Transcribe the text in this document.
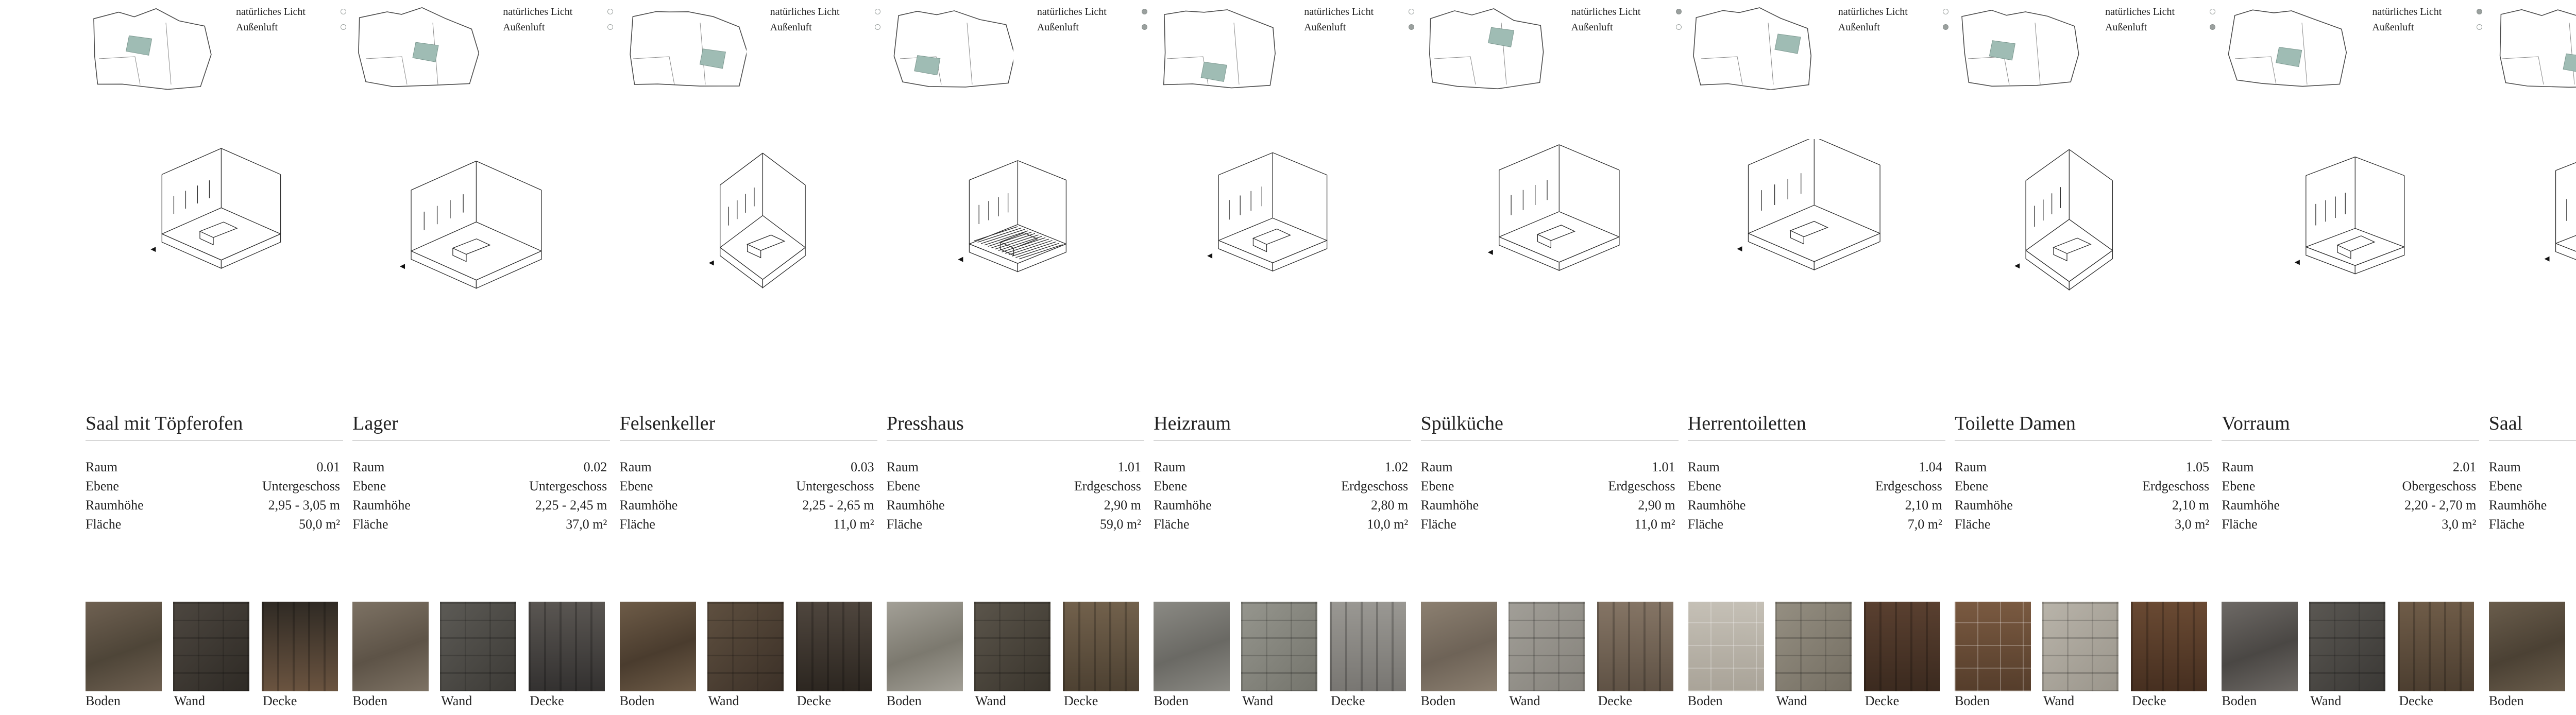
natürliches Licht
Außenluft
Saal mit Töpferofen
Raum	0.01
Ebene	Untergeschoss
Raumhöhe	2,95 - 3,05 m
Fläche	50,0 m²
Boden	Wand	Decke
natürliches Licht
Außenluft
Lager
Raum	0.02
Ebene	Untergeschoss
Raumhöhe	2,25 - 2,45 m
Fläche	37,0 m²
Boden	Wand	Decke
natürliches Licht
Außenluft
Felsenkeller
Raum	0.03
Ebene	Untergeschoss
Raumhöhe	2,25 - 2,65 m
Fläche	11,0 m²
Boden	Wand	Decke
natürliches Licht
Außenluft
Presshaus
Raum	1.01
Ebene	Erdgeschoss
Raumhöhe	2,90 m
Fläche	59,0 m²
Boden	Wand	Decke
natürliches Licht
Außenluft
Heizraum
Raum	1.02
Ebene	Erdgeschoss
Raumhöhe	2,80 m
Fläche	10,0 m²
Boden	Wand	Decke
natürliches Licht
Außenluft
Spülküche
Raum	1.01
Ebene	Erdgeschoss
Raumhöhe	2,90 m
Fläche	11,0 m²
Boden	Wand	Decke
natürliches Licht
Außenluft
Herrentoiletten
Raum	1.04
Ebene	Erdgeschoss
Raumhöhe	2,10 m
Fläche	7,0 m²
Boden	Wand	Decke
natürliches Licht
Außenluft
Toilette Damen
Raum	1.05
Ebene	Erdgeschoss
Raumhöhe	2,10 m
Fläche	3,0 m²
Boden	Wand	Decke
natürliches Licht
Außenluft
Vorraum
Raum	2.01
Ebene	Obergeschoss
Raumhöhe	2,20 - 2,70 m
Fläche	3,0 m²
Boden	Wand	Decke
Saal
Raum
Ebene
Raumhöhe
Fläche
Boden
